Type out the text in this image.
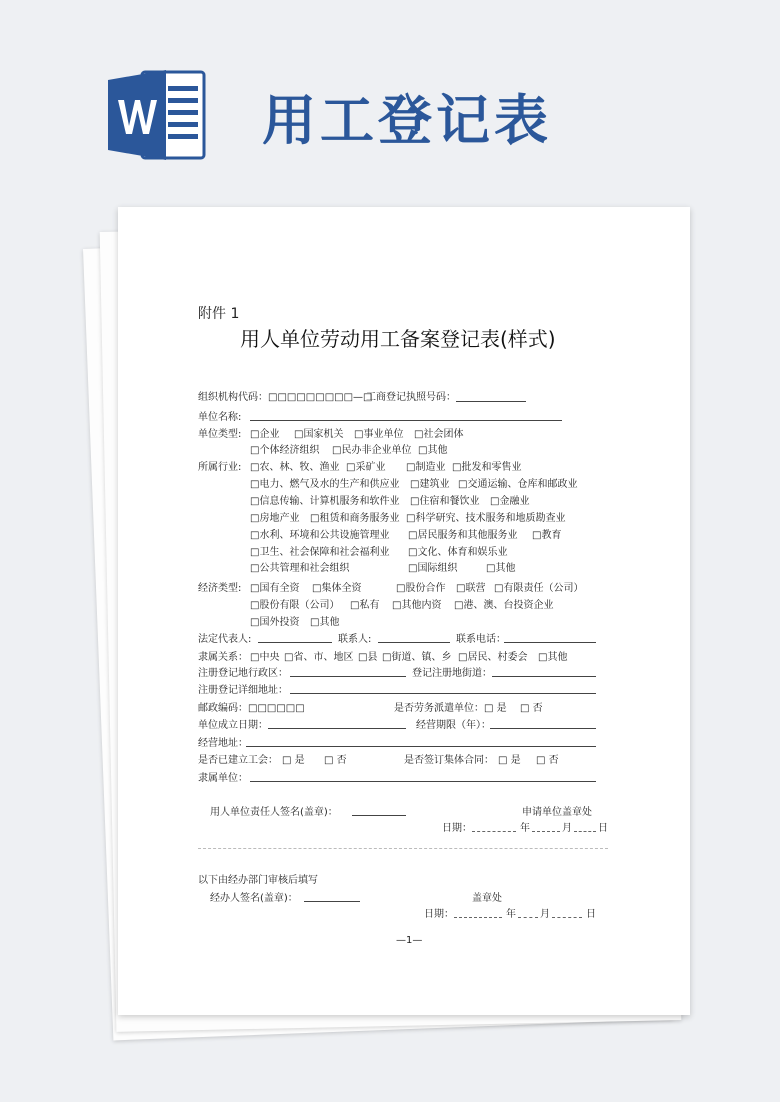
用工登记表
附件 1
用人单位劳动用工备案登记表(样式)
组织机构代码：□□□□□□□□□—□
工商登记执照号码：
单位名称:
单位类型: □企业 □国家机关 □事业单位 □社会团体
□个体经济组织 □民办非企业单位 □其他
所属行业: □农、林、牧、渔业 □采矿业 □制造业 □批发和零售业
□电力、燃气及水的生产和供应业 □建筑业 □交通运输、仓库和邮政业
□信息传输、计算机服务和软件业 □住宿和餐饮业 □金融业
□房地产业 □租赁和商务服务业 □科学研究、技术服务和地质勘查业
□水利、环境和公共设施管理业 □居民服务和其他服务业 □教育
□卫生、社会保障和社会福利业 □文化、体育和娱乐业
□公共管理和社会组织	□国际组织	□其他
经济类型: □国有全资 □集体全资	□股份合作 □联营 □有限责任（公司）
□股份有限（公司） □私有 □其他内资 □港、澳、台投资企业
□国外投资 □其他
法定代表人:	联系人:	联系电话：
隶属关系： □中央 □省、市、地区 □县 □街道、镇、乡 □居民、村委会 □其他
注册登记地行政区：	登记注册地街道：
注册登记详细地址：
邮政编码：□□□□□□	是否劳务派遣单位： □ 是 □ 否
单位成立日期：	经营期限（年）：
经营地址：
是否已建立工会： □ 是 □ 否	是否签订集体合同： □ 是 □ 否
隶属单位：
用人单位责任人签名(盖章)：	申请单位盖章处
日期：	年	月	日
以下由经办部门审核后填写
经办人签名(盖章)：	盖章处
日期：	年 月	日
—1—
